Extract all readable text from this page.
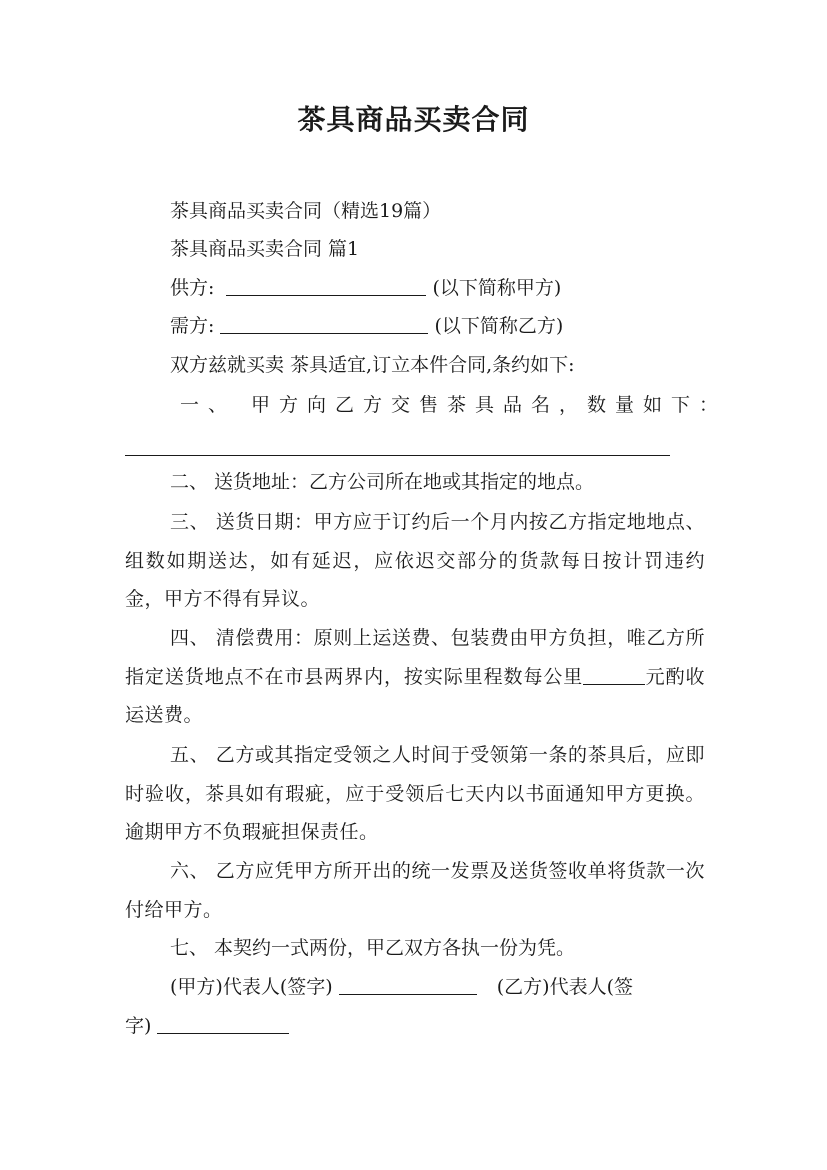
茶具商品买卖合同
茶具商品买卖合同（精选19篇）
茶具商品买卖合同 篇1
供方:	(以下简称甲方)
需方:	(以下简称乙方)
双方兹就买卖 茶具适宜,订立本件合同,条约如下:
一、 甲方向乙方交售茶具品名，数量如下：
二、 送货地址：乙方公司所在地或其指定的地点。
三、 送货日期：甲方应于订约后一个月内按乙方指定地地点、组数如期送达，如有延迟，应依迟交部分的货款每日按计罚违约金，甲方不得有异议。
四、 清偿费用：原则上运送费、包装费由甲方负担，唯乙方所指定送货地点不在市县两界内，按实际里程数每公里	元酌收运送费。
五、 乙方或其指定受领之人时间于受领第一条的茶具后，应即时验收，茶具如有瑕疵，应于受领后七天内以书面通知甲方更换。逾期甲方不负瑕疵担保责任。
六、 乙方应凭甲方所开出的统一发票及送货签收单将货款一次付给甲方。
七、 本契约一式两份，甲乙双方各执一份为凭。
(甲方)代表人(签字)	(乙方)代表人(签
字)
